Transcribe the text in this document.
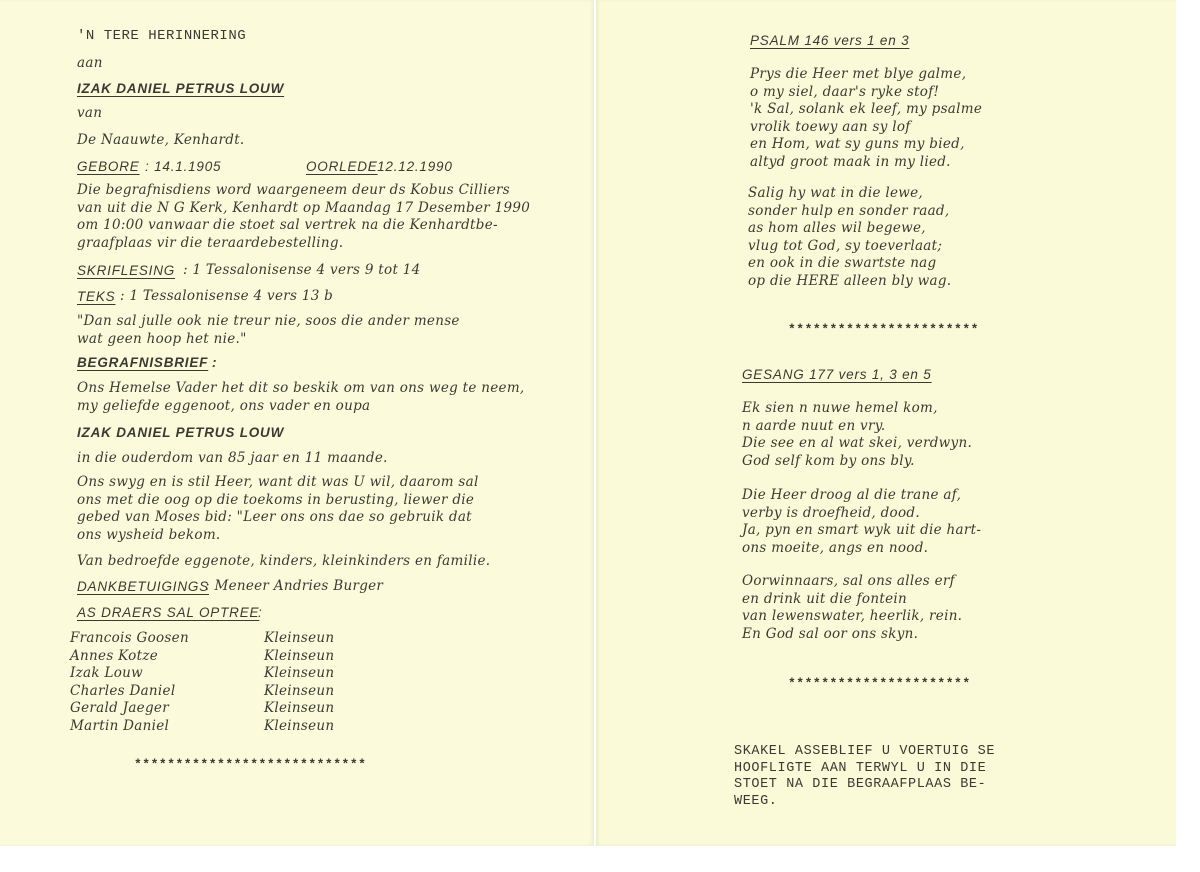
'N TERE HERINNERING
aan
IZAK DANIEL PETRUS LOUW
van
De Naauwte, Kenhardt.
GEBORE : 14.1.1905	OORLEDE
: 12.12.1990
Die begrafnisdiens word waargeneem deur ds Kobus Cilliers
van uit die N G Kerk, Kenhardt op Maandag 17 Desember 1990
om 10:00 vanwaar die stoet sal vertrek na die Kenhardtbe-
graafplaas vir die teraardebestelling.
SKRIFLESING : 1 Tessalonisense 4 vers 9 tot 14
TEKS : 1 Tessalonisense 4 vers 13 b
"Dan sal julle ook nie treur nie, soos die ander mense
wat geen hoop het nie."
BEGRAFNISBRIEF :
Ons Hemelse Vader het dit so beskik om van ons weg te neem,
my geliefde eggenoot, ons vader en oupa
IZAK DANIEL PETRUS LOUW
in die ouderdom van 85 jaar en 11 maande.
Ons swyg en is stil Heer, want dit was U wil, daarom sal
ons met die oog op die toekoms in berusting, liewer die
gebed van Moses bid: "Leer ons ons dae so gebruik dat
ons wysheid bekom.
Van bedroefde eggenote, kinders, kleinkinders en familie.
DANKBETUIGINGS
: Meneer Andries Burger
AS DRAERS SAL OPTREE
:
Francois Goosen
Annes Kotze
Izak Louw
Charles Daniel
Gerald Jaeger
Martin Daniel
Kleinseun
Kleinseun
Kleinseun
Kleinseun
Kleinseun
Kleinseun
****************************
PSALM 146 vers 1 en 3
Prys die Heer met blye galme,
o my siel, daar's ryke stof!
'k Sal, solank ek leef, my psalme
vrolik toewy aan sy lof
en Hom, wat sy guns my bied,
altyd groot maak in my lied.
Salig hy wat in die lewe,
sonder hulp en sonder raad,
as hom alles wil begewe,
vlug tot God, sy toeverlaat;
en ook in die swartste nag
op die HERE alleen bly wag.
***********************
GESANG 177 vers 1, 3 en 5
Ek sien n nuwe hemel kom,
n aarde nuut en vry.
Die see en al wat skei, verdwyn.
God self kom by ons bly.
Die Heer droog al die trane af,
verby is droefheid, dood.
Ja, pyn en smart wyk uit die hart-
ons moeite, angs en nood.
Oorwinnaars, sal ons alles erf
en drink uit die fontein
van lewenswater, heerlik, rein.
En God sal oor ons skyn.
**********************
SKAKEL ASSEBLIEF U VOERTUIG SE
HOOFLIGTE AAN TERWYL U IN DIE
STOET NA DIE BEGRAAFPLAAS BE-
WEEG.
